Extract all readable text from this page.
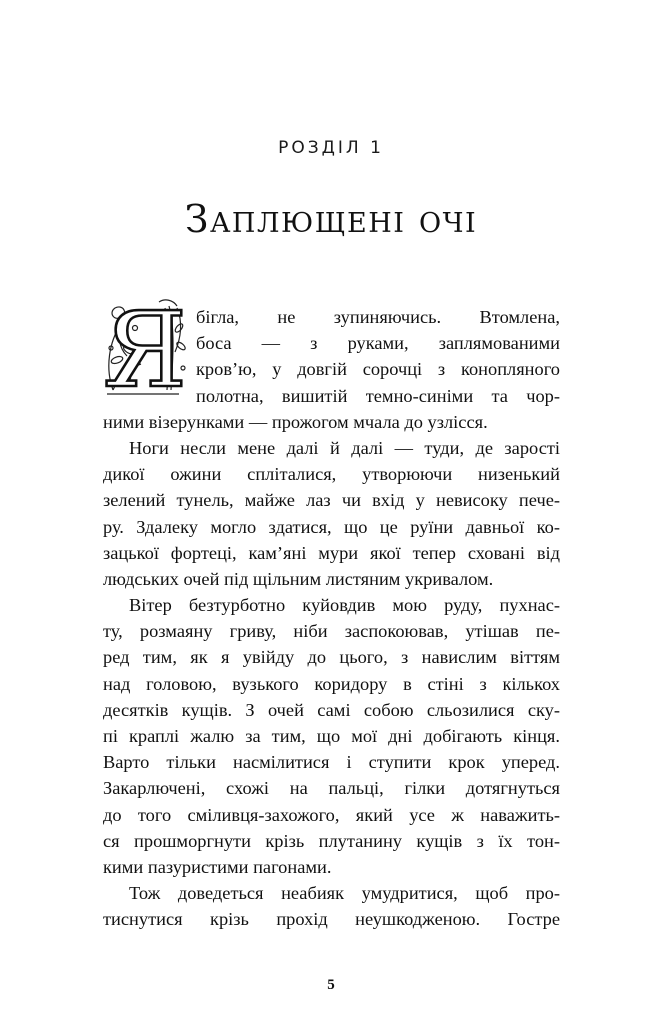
РОЗДІЛ 1
Заплющені очі
Я бігла, не зупиняючись. Втомлена,
боса — з руками, заплямованими
кров’ю, у довгій сорочці з конопляного
полотна, вишитій темно-синіми та чор-
ними візерунками — прожогом мчала до узлісся.
Ноги несли мене далі й далі — туди, де зарості
дикої ожини спліталися, утворюючи низенький
зелений тунель, майже лаз чи вхід у невисоку пече-
ру. Здалеку могло здатися, що це руїни давньої ко-
зацької фортеці, кам’яні мури якої тепер сховані від
людських очей під щільним листяним укривалом.
Вітер безтурботно куйовдив мою руду, пухнас-
ту, розмаяну гриву, ніби заспокоював, утішав пе-
ред тим, як я увійду до цього, з навислим віттям
над головою, вузького коридору в стіні з кількох
десятків кущів. З очей самі собою сльозилися ску-
пі краплі жалю за тим, що мої дні добігають кінця.
Варто тільки насмілитися і ступити крок уперед.
Закарлючені, схожі на пальці, гілки дотягнуться
до того сміливця-захожого, який усе ж наважить-
ся прошморгнути крізь плутанину кущів з їх тон-
кими пазуристими пагонами.
Тож доведеться неабияк умудритися, щоб про-
тиснутися крізь прохід неушкодженою. Гостре
5
